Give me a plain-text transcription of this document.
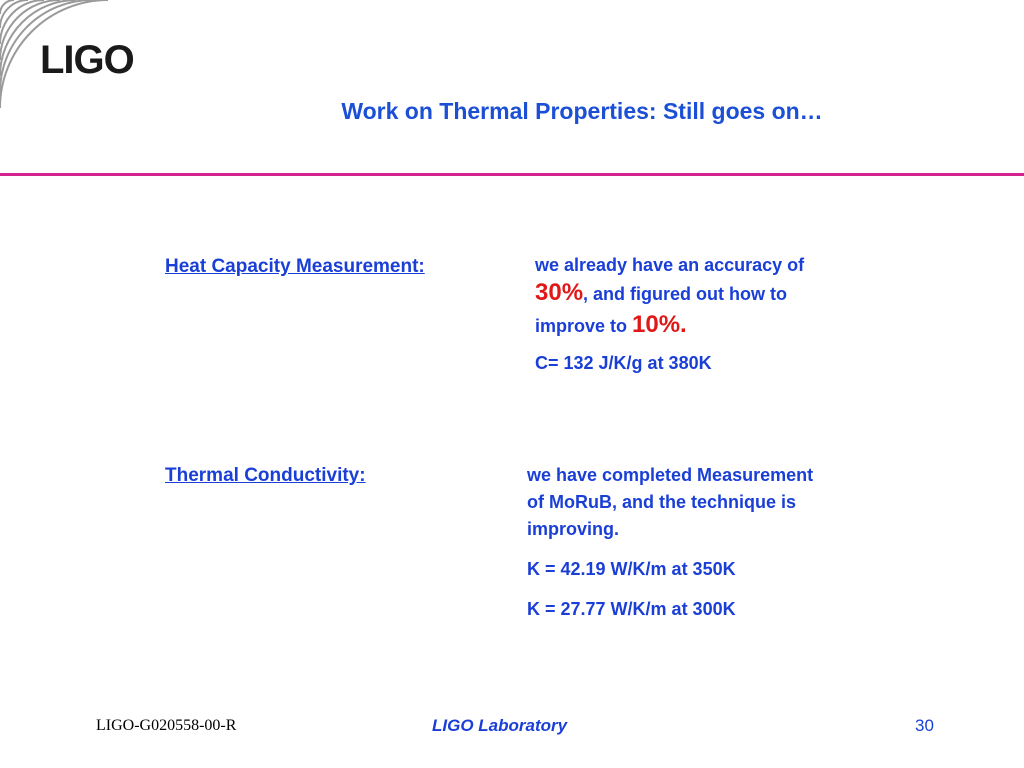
LIGO
Work on Thermal Properties: Still goes on…
Heat Capacity Measurement:	we already have an accuracy of

30%, and figured out how to

improve to 10%.

C= 132 J/K/g at 380K

Thermal Conductivity:	we have completed Measurement

of MoRuB, and the technique is

improving.

K = 42.19 W/K/m at 350K

K = 27.77 W/K/m at 300K

LIGO-G020558-00-R	LIGO Laboratory	30
